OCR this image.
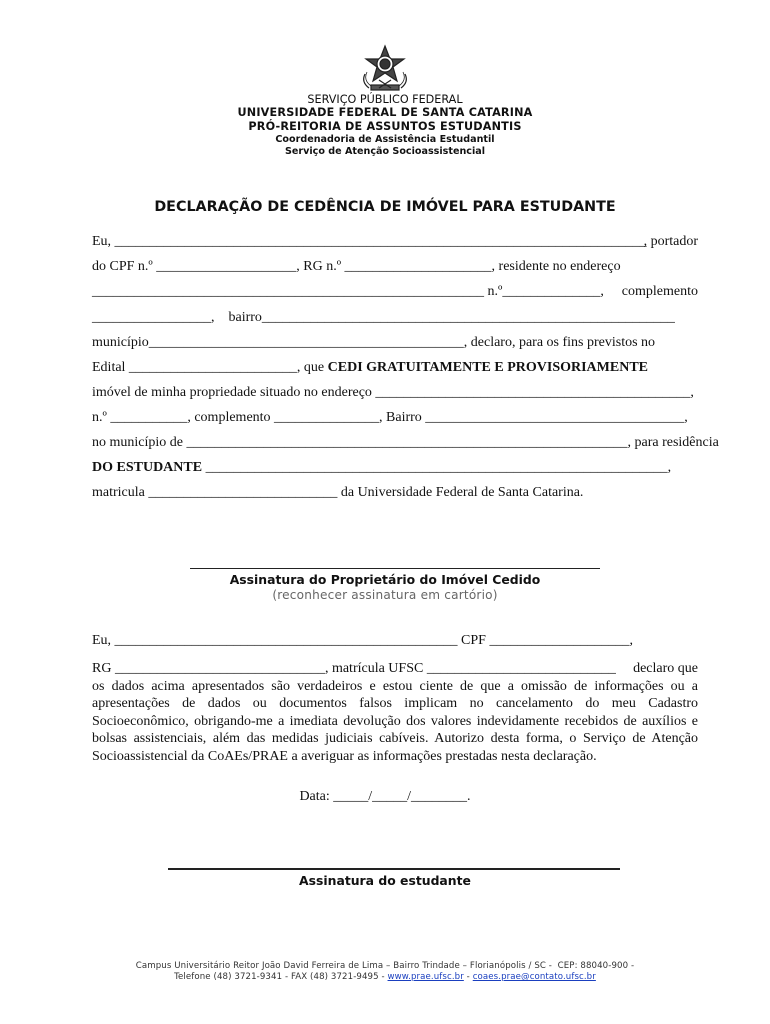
SERVIÇO PÚBLICO FEDERAL
UNIVERSIDADE FEDERAL DE SANTA CATARINA
PRÓ-REITORIA DE ASSUNTOS ESTUDANTIS
Coordenadoria de Assistência Estudantil
Serviço de Atenção Socioassistencial
DECLARAÇÃO DE CEDÊNCIA DE IMÓVEL PARA ESTUDANTE

Eu, ____________________________________________________________________________

, portador

do CPF n.º ____________________, RG n.º _____________________, residente no endereço

________________________________________________________ n.º______________,

complemento

_________________,    bairro___________________________________________________________

município_____________________________________________, declaro, para os fins previstos no

Edital ________________________, que CEDI GRATUITAMENTE E PROVISORIAMENTE

imóvel de minha propriedade situado no endereço _____________________________________________,

n.º ___________, complemento _______________, Bairro _____________________________________,

no município de _______________________________________________________________, para residência

DO ESTUDANTE __________________________________________________________________,

matricula ___________________________ da Universidade Federal de Santa Catarina.

Assinatura do Proprietário do Imóvel Cedido
(reconhecer assinatura em cartório)

Eu, _________________________________________________ CPF ____________________,

RG ______________________________, matrícula UFSC ___________________________

declaro que

os dados acima apresentados são verdadeiros e estou ciente de que a omissão de informações ou a apresentações de dados ou documentos falsos implicam no cancelamento do meu Cadastro Socioeconômico, obrigando-me a imediata devolução dos valores indevidamente recebidos de auxílios e bolsas assistenciais, além das medidas judiciais cabíveis. Autorizo desta forma, o Serviço de Atenção Socioassistencial da CoAEs/PRAE a averiguar as informações prestadas nesta declaração.
Data: _____/_____/________.
Assinatura do estudante
Campus Universitário Reitor João David Ferreira de Lima – Bairro Trindade – Florianópolis / SC -  CEP: 88040-900 -
Telefone (48) 3721-9341 - FAX (48) 3721-9495 - www.prae.ufsc.br - coaes.prae@contato.ufsc.br
